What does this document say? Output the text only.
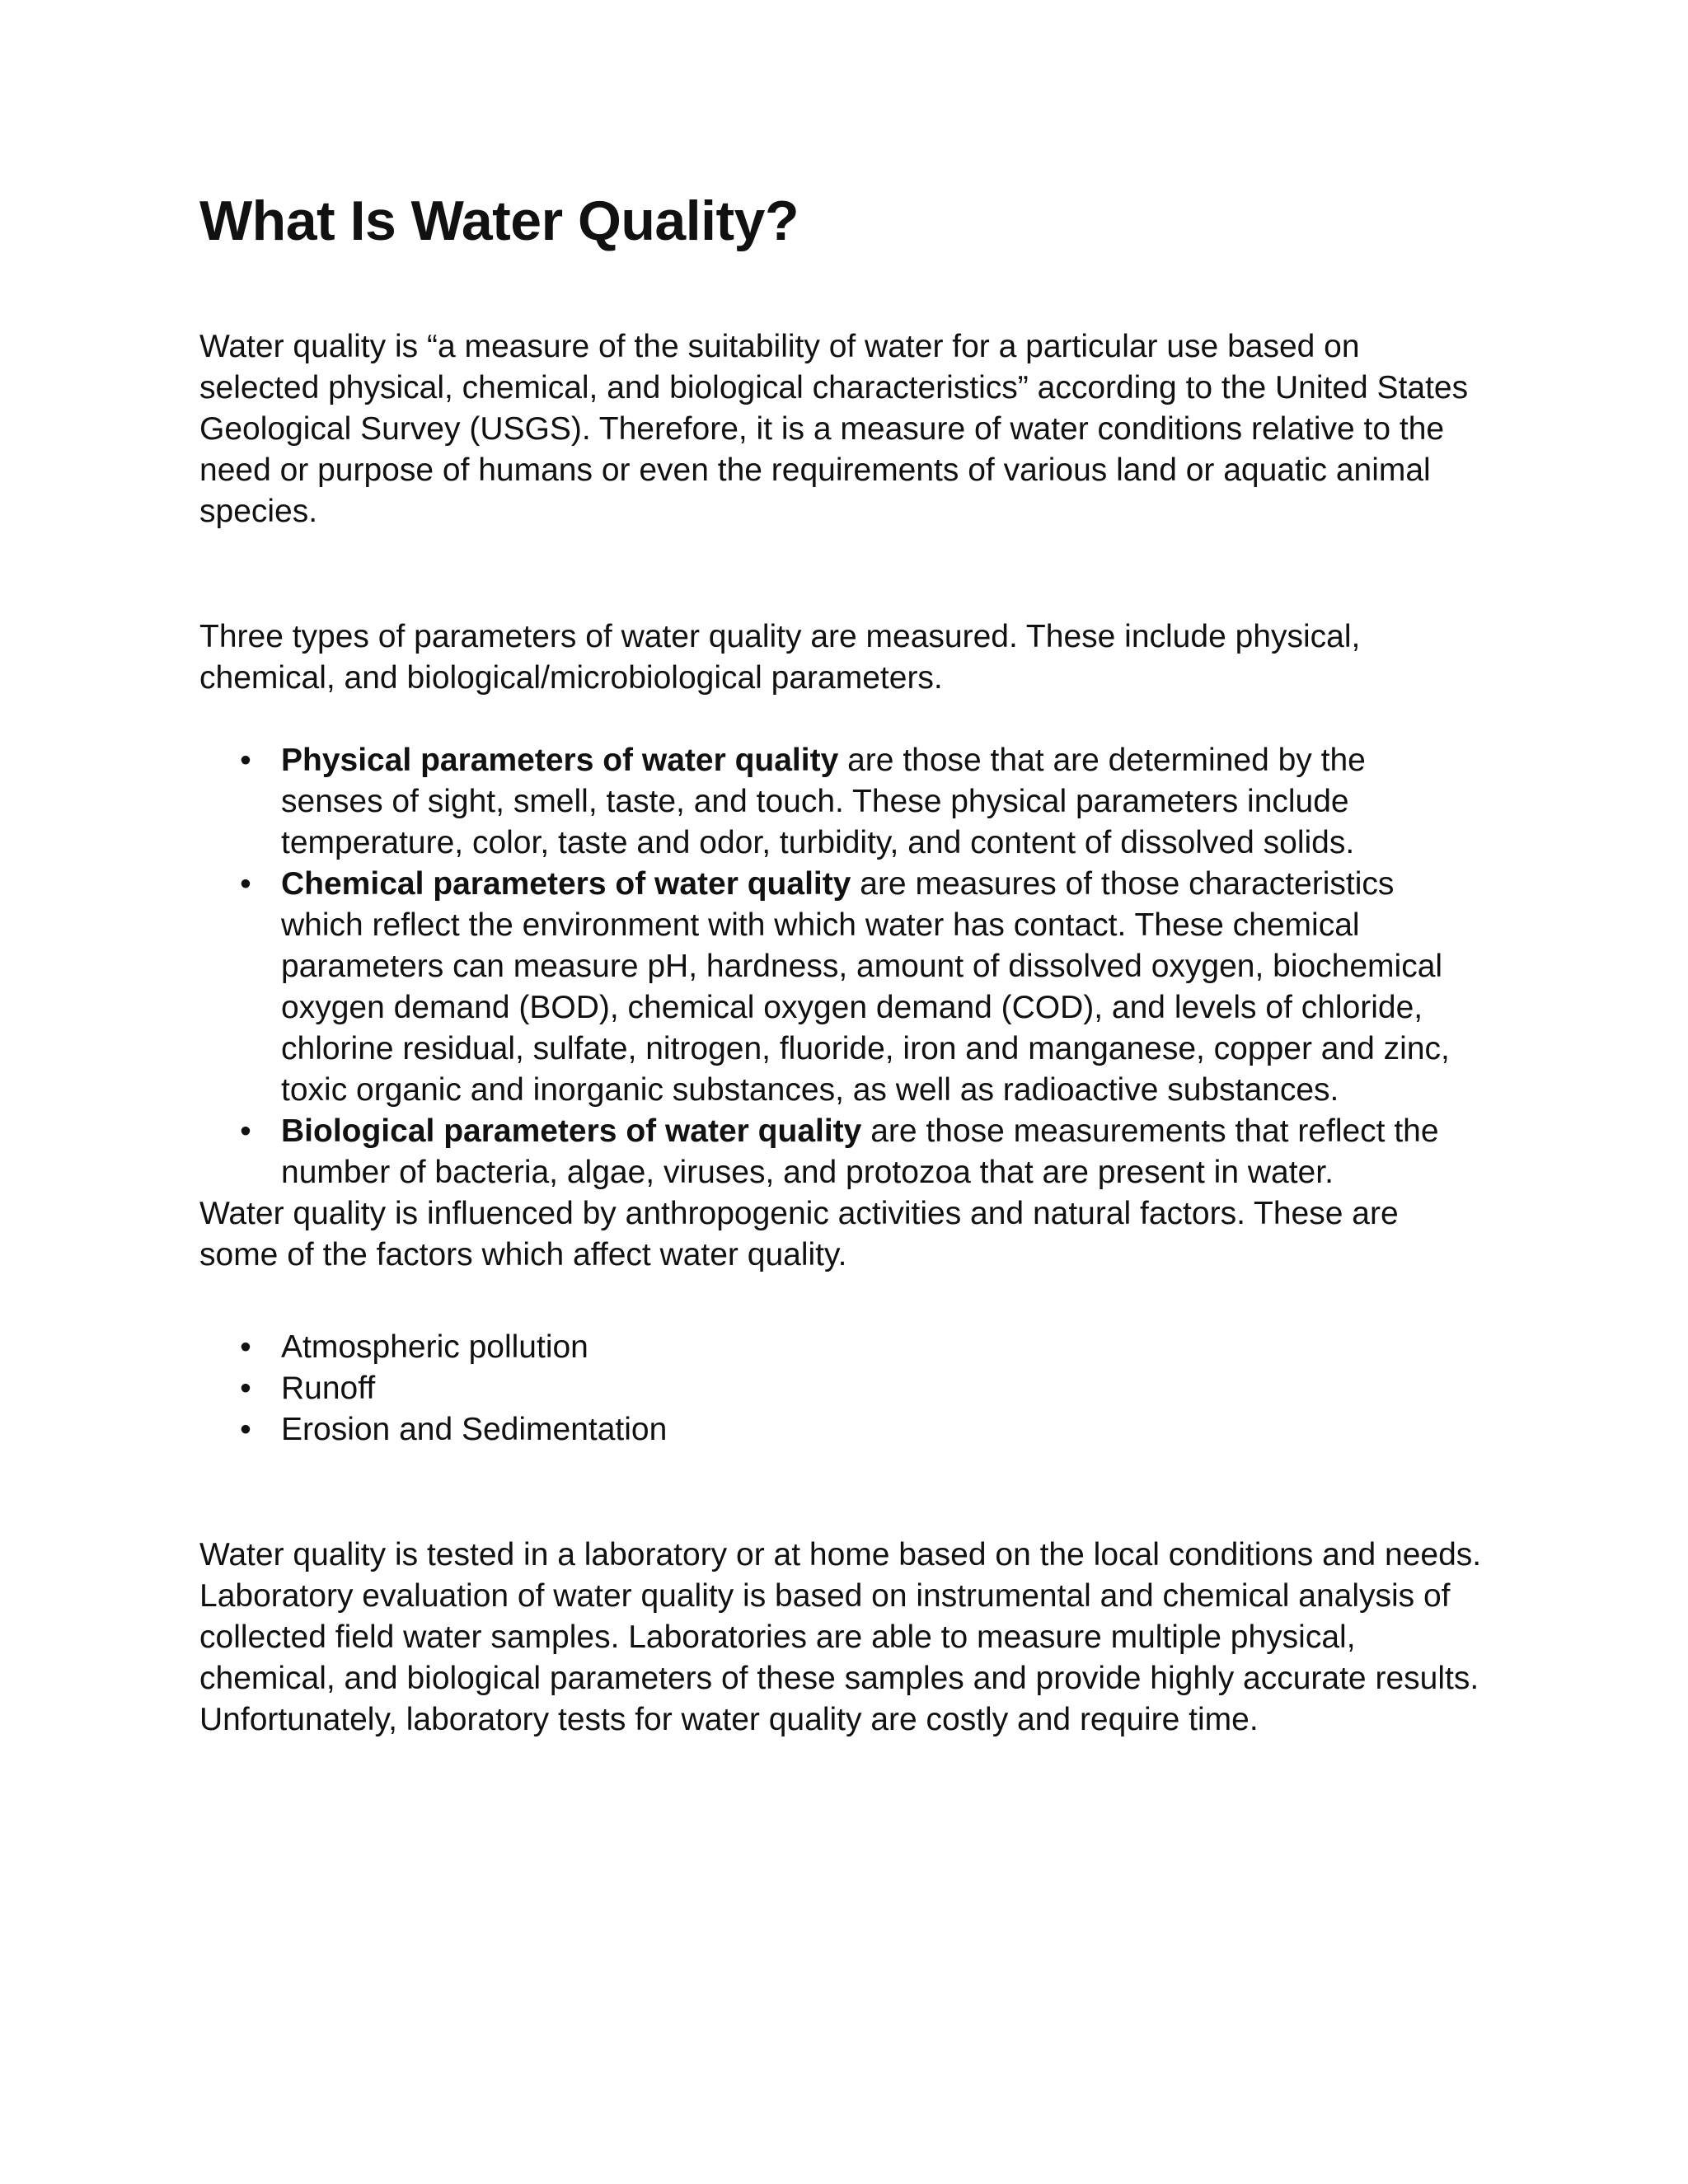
What Is Water Quality?

Water quality is “a measure of the suitability of water for a particular use based on selected physical, chemical, and biological characteristics” according to the United States Geological Survey (USGS). Therefore, it is a measure of water conditions relative to the need or purpose of humans or even the requirements of various land or aquatic animal species.

Three types of parameters of water quality are measured. These include physical, chemical, and biological/microbiological parameters.

• Physical parameters of water quality are those that are determined by the senses of sight, smell, taste, and touch. These physical parameters include temperature, color, taste and odor, turbidity, and content of dissolved solids.
• Chemical parameters of water quality are measures of those characteristics which reflect the environment with which water has contact. These chemical parameters can measure pH, hardness, amount of dissolved oxygen, biochemical oxygen demand (BOD), chemical oxygen demand (COD), and levels of chloride, chlorine residual, sulfate, nitrogen, fluoride, iron and manganese, copper and zinc, toxic organic and inorganic substances, as well as radioactive substances.
• Biological parameters of water quality are those measurements that reflect the number of bacteria, algae, viruses, and protozoa that are present in water.

Water quality is influenced by anthropogenic activities and natural factors. These are some of the factors which affect water quality.

• Atmospheric pollution
• Runoff
• Erosion and Sedimentation

Water quality is tested in a laboratory or at home based on the local conditions and needs. Laboratory evaluation of water quality is based on instrumental and chemical analysis of collected field water samples. Laboratories are able to measure multiple physical, chemical, and biological parameters of these samples and provide highly accurate results. Unfortunately, laboratory tests for water quality are costly and require time.
